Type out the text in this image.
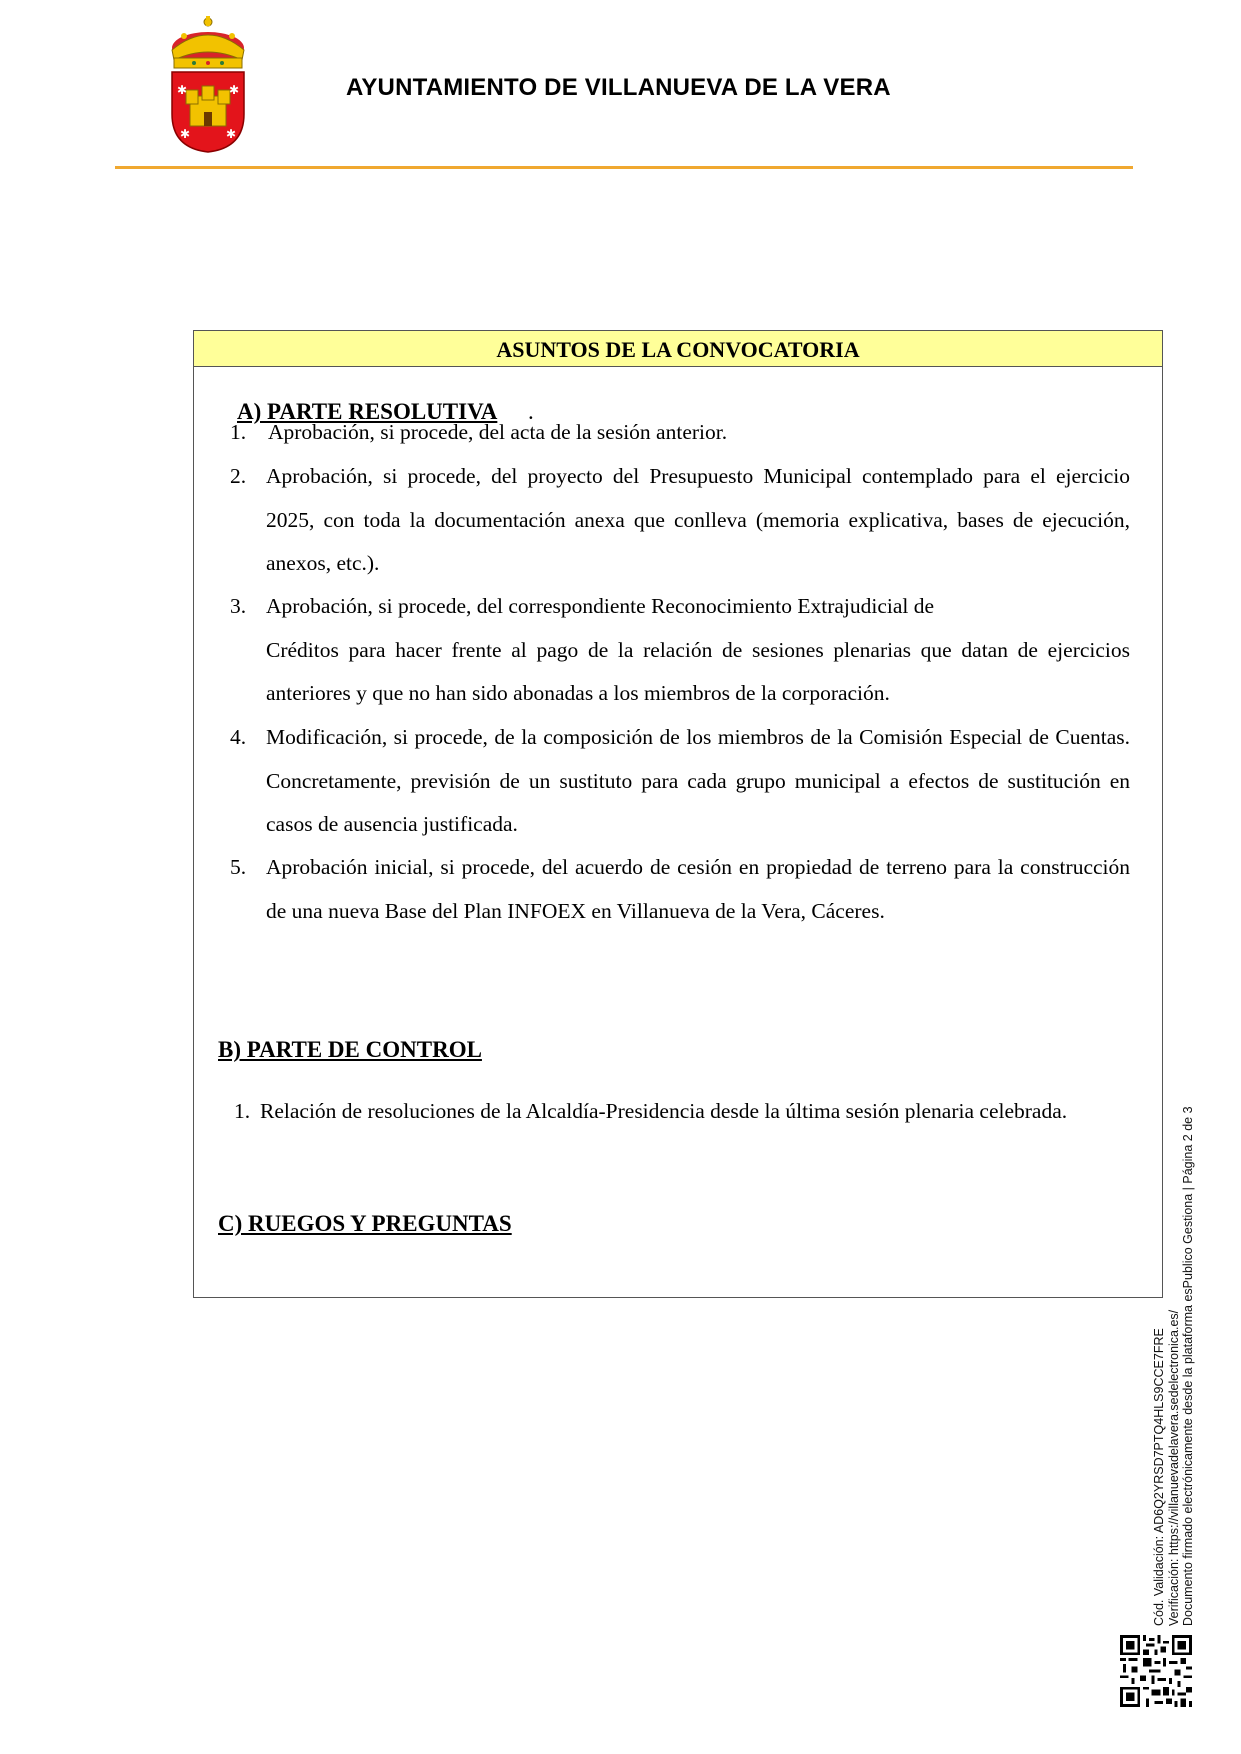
✱	✱
✱	✱
AYUNTAMIENTO DE VILLANUEVA DE LA VERA
ASUNTOS DE LA CONVOCATORIA
A) PARTE RESOLUTIVA .
1. Aprobación, si procede, del acta de la sesión anterior.
2. Aprobación, si procede, del proyecto del Presupuesto Municipal contemplado para el ejercicio 2025, con toda la documentación anexa que conlleva (memoria explicativa, bases de ejecución, anexos, etc.).
3. Aprobación, si procede, del correspondiente Reconocimiento Extrajudicial de
Créditos para hacer frente al pago de la relación de sesiones plenarias que datan de ejercicios anteriores y que no han sido abonadas a los miembros de la corporación.
4. Modificación, si procede, de la composición de los miembros de la Comisión Especial de Cuentas. Concretamente, previsión de un sustituto para cada grupo municipal a efectos de sustitución en casos de ausencia justificada.
5. Aprobación inicial, si procede, del acuerdo de cesión en propiedad de terreno para la construcción de una nueva Base del Plan INFOEX en Villanueva de la Vera, Cáceres.
B) PARTE DE CONTROL
1. Relación de resoluciones de la Alcaldía-Presidencia desde la última sesión plenaria celebrada.
C) RUEGOS Y PREGUNTAS
Cód. Validación: AD6Q2YRSD7PTQ4HLS9CCE7FRE Verificación: https://villanuevadelavera.sedelectronica.es/ Documento firmado electrónicamente desde la plataforma esPublico Gestiona | Página 2 de 3
